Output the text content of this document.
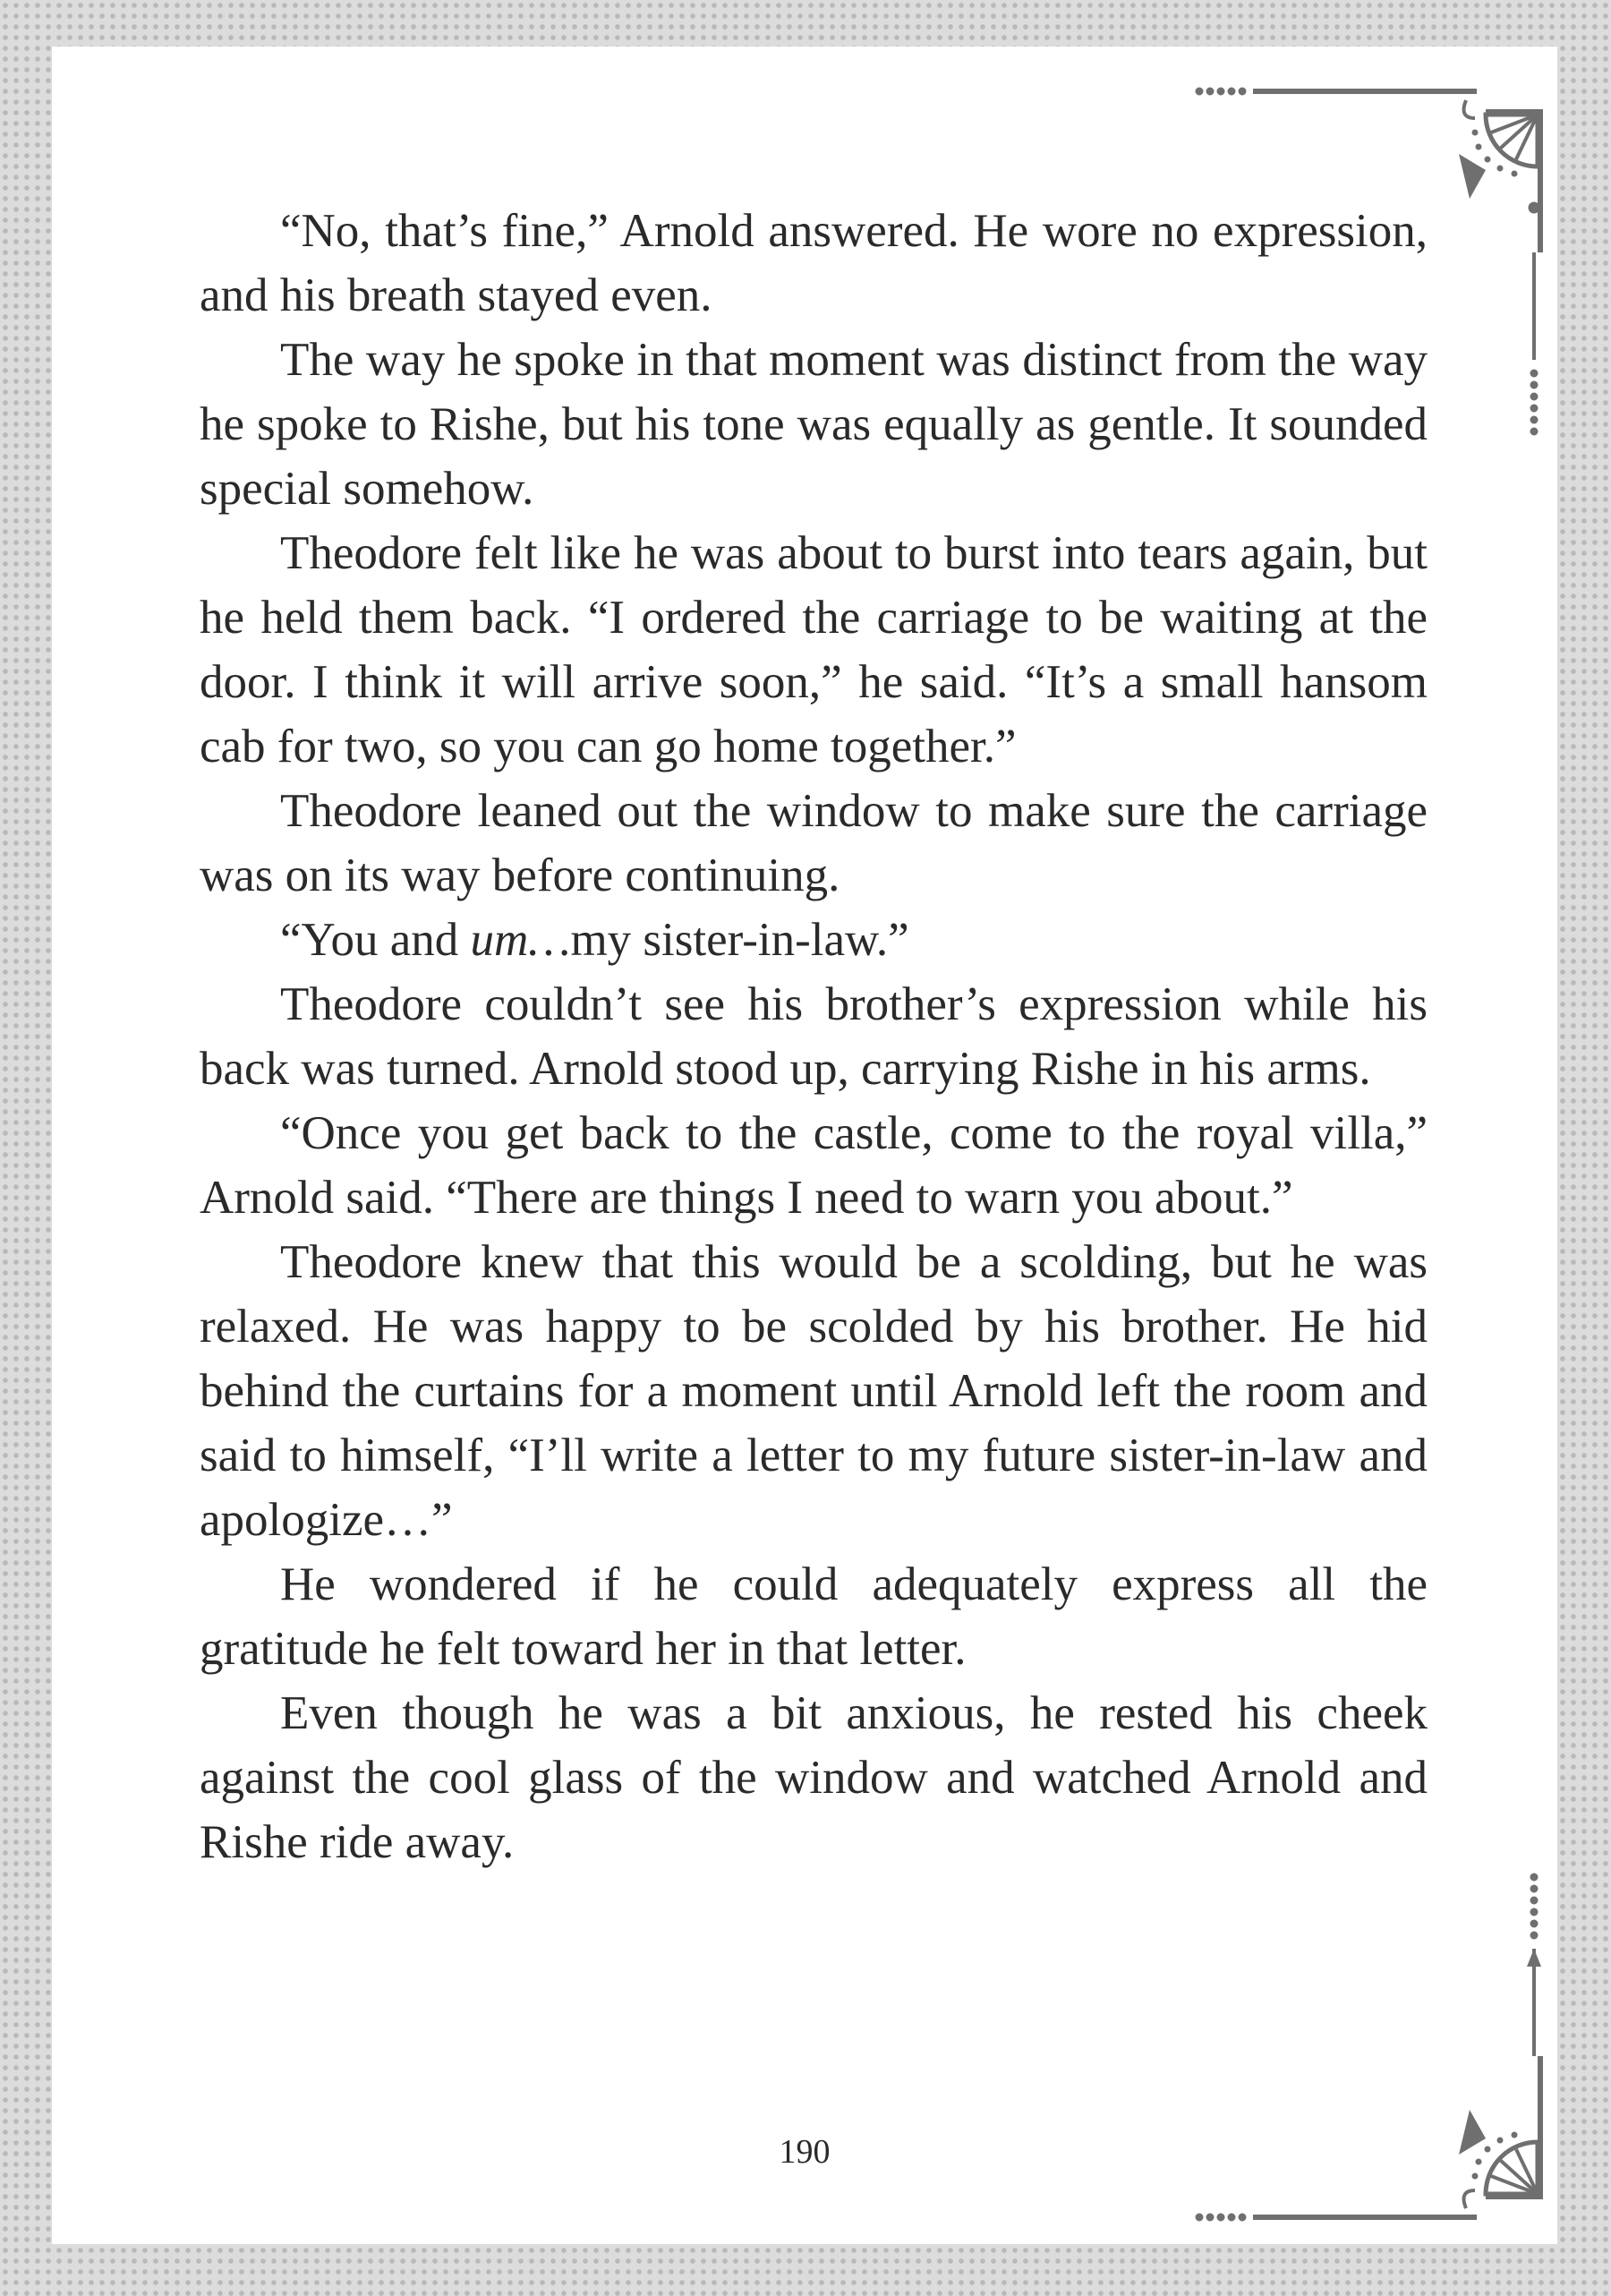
“No, that’s fine,” Arnold answered. He wore no expression, and his breath stayed even.

The way he spoke in that moment was distinct from the way he spoke to Rishe, but his tone was equally as gentle. It sounded special somehow.

Theodore felt like he was about to burst into tears again, but he held them back. “I ordered the carriage to be waiting at the door. I think it will arrive soon,” he said. “It’s a small hansom cab for two, so you can go home together.”

Theodore leaned out the window to make sure the carriage was on its way before continuing.

“You and um…my sister-in-law.”

Theodore couldn’t see his brother’s expression while his back was turned. Arnold stood up, carrying Rishe in his arms.

“Once you get back to the castle, come to the royal villa,” Arnold said. “There are things I need to warn you about.”

Theodore knew that this would be a scolding, but he was relaxed. He was happy to be scolded by his brother. He hid behind the curtains for a moment until Arnold left the room and said to himself, “I’ll write a letter to my future sister-in-law and apologize…”

He wondered if he could adequately express all the gratitude he felt toward her in that letter.

Even though he was a bit anxious, he rested his cheek against the cool glass of the window and watched Arnold and Rishe ride away.

190
